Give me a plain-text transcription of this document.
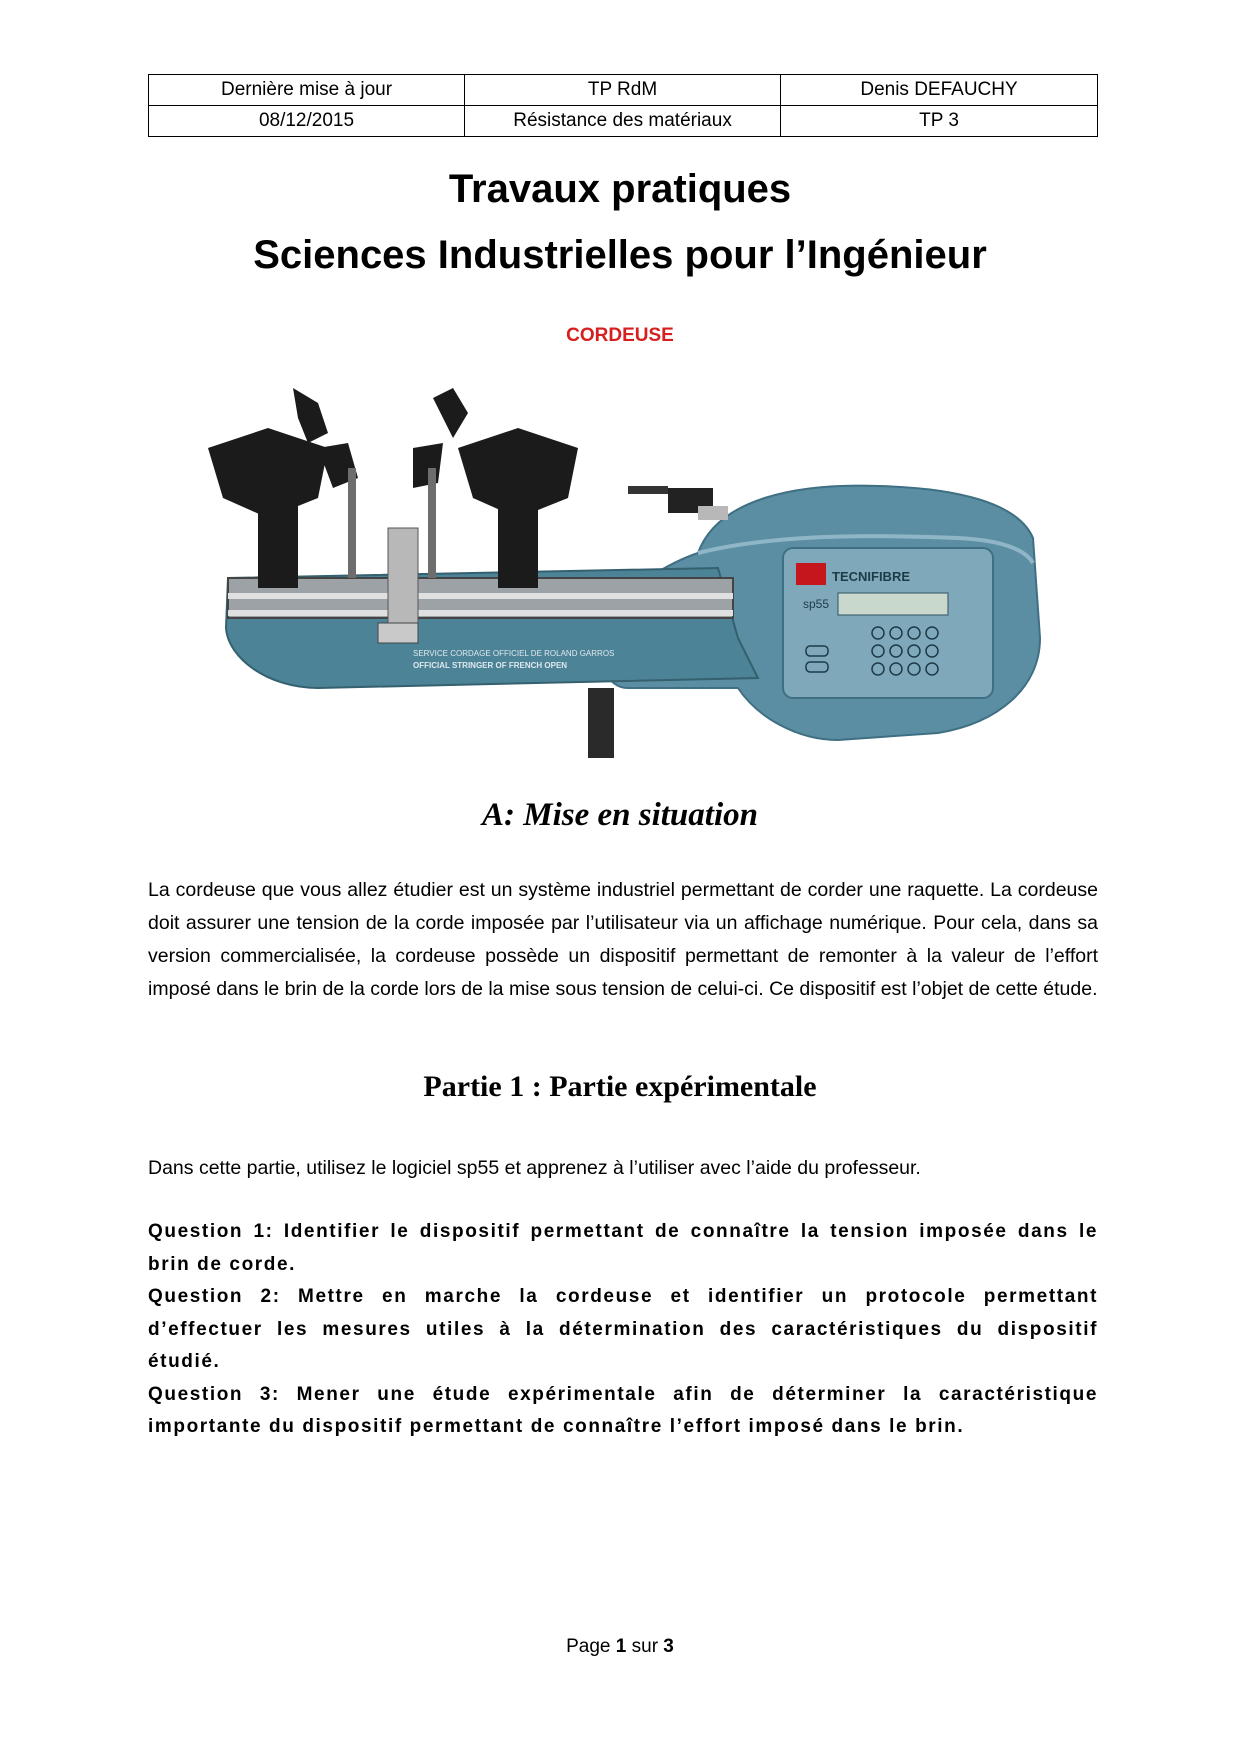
Dernière mise à jour	TP RdM	Denis DEFAUCHY
08/12/2015	Résistance des matériaux	TP 3
Travaux pratiques
Sciences Industrielles pour l’Ingénieur
CORDEUSE
TECNIFIBRE
sp55
SERVICE CORDAGE OFFICIEL DE ROLAND GARROS
OFFICIAL STRINGER OF FRENCH OPEN
A: Mise en situation
La cordeuse que vous allez étudier est un système industriel permettant de corder une raquette. La cordeuse doit assurer une tension de la corde imposée par l’utilisateur via un affichage numérique. Pour cela, dans sa version commercialisée, la cordeuse possède un dispositif permettant de remonter à la valeur de l’effort imposé dans le brin de la corde lors de la mise sous tension de celui-ci. Ce dispositif est l’objet de cette étude.
Partie 1 : Partie expérimentale
Dans cette partie, utilisez le logiciel sp55 et apprenez à l’utiliser avec l’aide du professeur.

Question 1: Identifier le dispositif permettant de connaître la tension imposée dans le brin de corde.

Question 2: Mettre en marche la cordeuse et identifier un protocole permettant d’effectuer les mesures utiles à la détermination des caractéristiques du dispositif étudié.

Question 3: Mener une étude expérimentale afin de déterminer la caractéristique importante du dispositif permettant de connaître l’effort imposé dans le brin.

Page 1 sur 3
